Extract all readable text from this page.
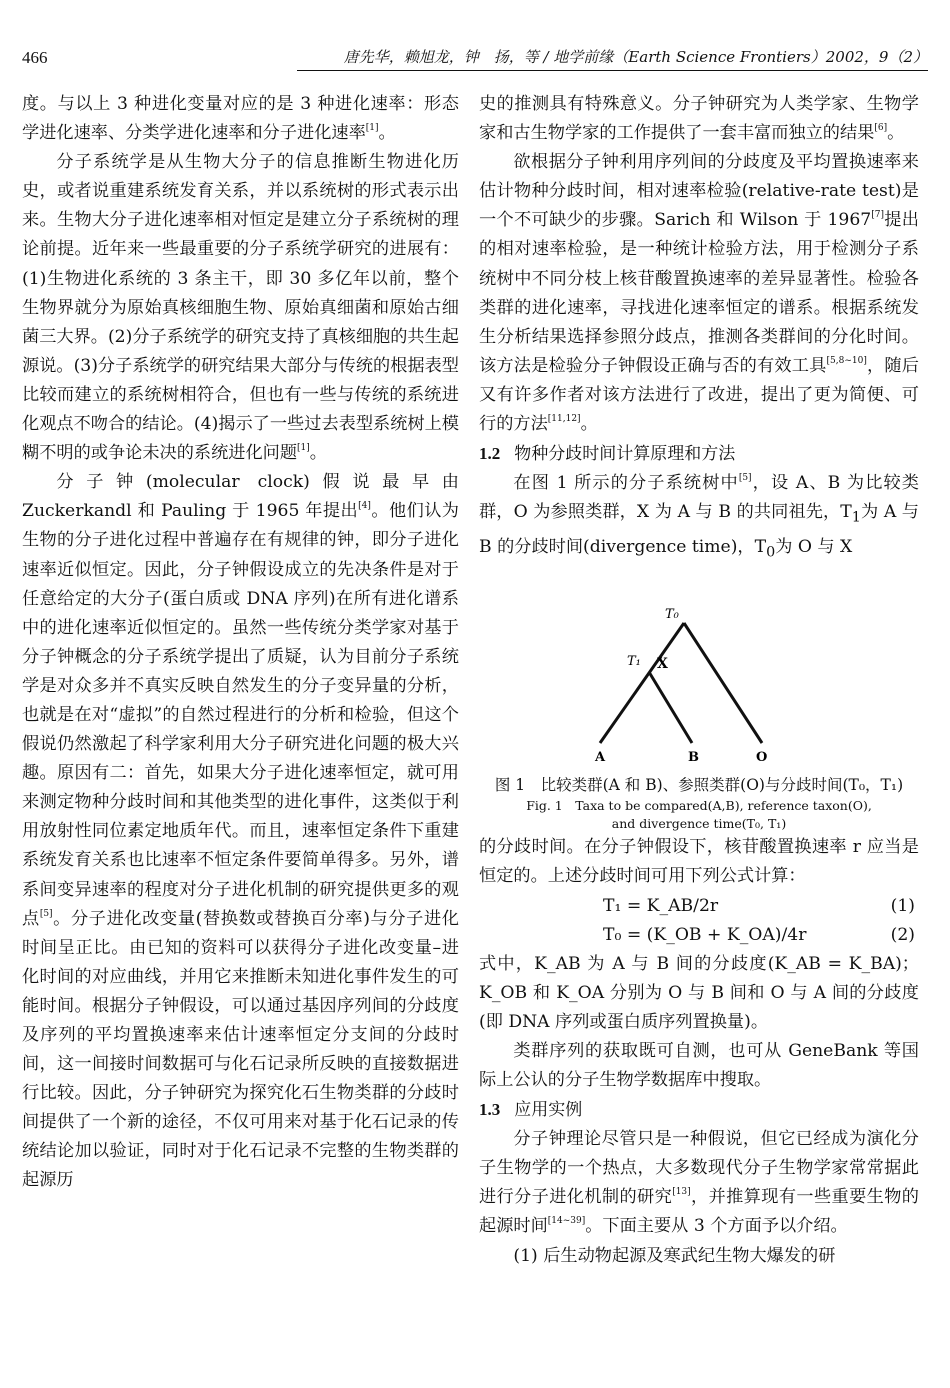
466	唐先华，赖旭龙，钟　扬，等 / 地学前缘（Earth Science Frontiers）2002，9（2）

度。与以上 3 种进化变量对应的是 3 种进化速率：形态学进化速率、分类学进化速率和分子进化速率[1]。

分子系统学是从生物大分子的信息推断生物进化历史，或者说重建系统发育关系，并以系统树的形式表示出来。生物大分子进化速率相对恒定是建立分子系统树的理论前提。近年来一些最重要的分子系统学研究的进展有：(1)生物进化系统的 3 条主干，即 30 多亿年以前，整个生物界就分为原始真核细胞生物、原始真细菌和原始古细菌三大界。(2)分子系统学的研究支持了真核细胞的共生起源说。(3)分子系统学的研究结果大部分与传统的根据表型比较而建立的系统树相符合，但也有一些与传统的系统进化观点不吻合的结论。(4)揭示了一些过去表型系统树上模糊不明的或争论未决的系统进化问题[1]。

分子钟(molecular clock)假说最早由 Zuckerkandl 和 Pauling 于 1965 年提出[4]。他们认为生物的分子进化过程中普遍存在有规律的钟，即分子进化速率近似恒定。因此，分子钟假设成立的先决条件是对于任意给定的大分子(蛋白质或 DNA 序列)在所有进化谱系中的进化速率近似恒定的。虽然一些传统分类学家对基于分子钟概念的分子系统学提出了质疑，认为目前分子系统学是对众多并不真实反映自然发生的分子变异量的分析，也就是在对“虚拟”的自然过程进行的分析和检验，但这个假说仍然激起了科学家利用大分子研究进化问题的极大兴趣。原因有二：首先，如果大分子进化速率恒定，就可用来测定物种分歧时间和其他类型的进化事件，这类似于利用放射性同位素定地质年代。而且，速率恒定条件下重建系统发育关系也比速率不恒定条件要简单得多。另外，谱系间变异速率的程度对分子进化机制的研究提供更多的观点[5]。分子进化改变量(替换数或替换百分率)与分子进化时间呈正比。由已知的资料可以获得分子进化改变量–进化时间的对应曲线，并用它来推断未知进化事件发生的可能时间。根据分子钟假设，可以通过基因序列间的分歧度及序列的平均置换速率来估计速率恒定分支间的分歧时间，这一间接时间数据可与化石记录所反映的直接数据进行比较。因此，分子钟研究为探究化石生物类群的分歧时间提供了一个新的途径，不仅可用来对基于化石记录的传统结论加以验证，同时对于化石记录不完整的生物类群的起源历

史的推测具有特殊意义。分子钟研究为人类学家、生物学家和古生物学家的工作提供了一套丰富而独立的结果[6]。

欲根据分子钟利用序列间的分歧度及平均置换速率来估计物种分歧时间，相对速率检验(relative-rate test)是一个不可缺少的步骤。Sarich 和 Wilson 于 1967[7]提出的相对速率检验，是一种统计检验方法，用于检测分子系统树中不同分枝上核苷酸置换速率的差异显著性。检验各类群的进化速率，寻找进化速率恒定的谱系。根据系统发生分析结果选择参照分歧点，推测各类群间的分化时间。该方法是检验分子钟假设正确与否的有效工具[5,8~10]，随后又有许多作者对该方法进行了改进，提出了更为简便、可行的方法[11,12]。

1.2 物种分歧时间计算原理和方法

在图 1 所示的分子系统树中[5]，设 A、B 为比较类群，O 为参照类群，X 为 A 与 B 的共同祖先，$T_1$为 A 与 B 的分歧时间(divergence time)，$T_0$为 O 与 X

T₀
T₁ X
A	B	O
图 1　比较类群(A 和 B)、参照类群(O)与分歧时间(T₀，T₁)
Fig. 1　Taxa to be compared(A,B), reference taxon(O),
and divergence time(T₀, T₁)

的分歧时间。在分子钟假设下，核苷酸置换速率 r 应当是恒定的。上述分歧时间可用下列公式计算：

T₁ = K_AB/2r	(1)
T₀ = (K_OB + K_OA)/4r	(2)

式中，K_AB 为 A 与 B 间的分歧度(K_AB = K_BA)；K_OB 和 K_OA 分别为 O 与 B 间和 O 与 A 间的分歧度(即 DNA 序列或蛋白质序列置换量)。

类群序列的获取既可自测，也可从 GeneBank 等国际上公认的分子生物学数据库中搜取。

1.3 应用实例

分子钟理论尽管只是一种假说，但它已经成为演化分子生物学的一个热点，大多数现代分子生物学家常常据此进行分子进化机制的研究[13]，并推算现有一些重要生物的起源时间[14~39]。下面主要从 3 个方面予以介绍。

(1) 后生动物起源及寒武纪生物大爆发的研
